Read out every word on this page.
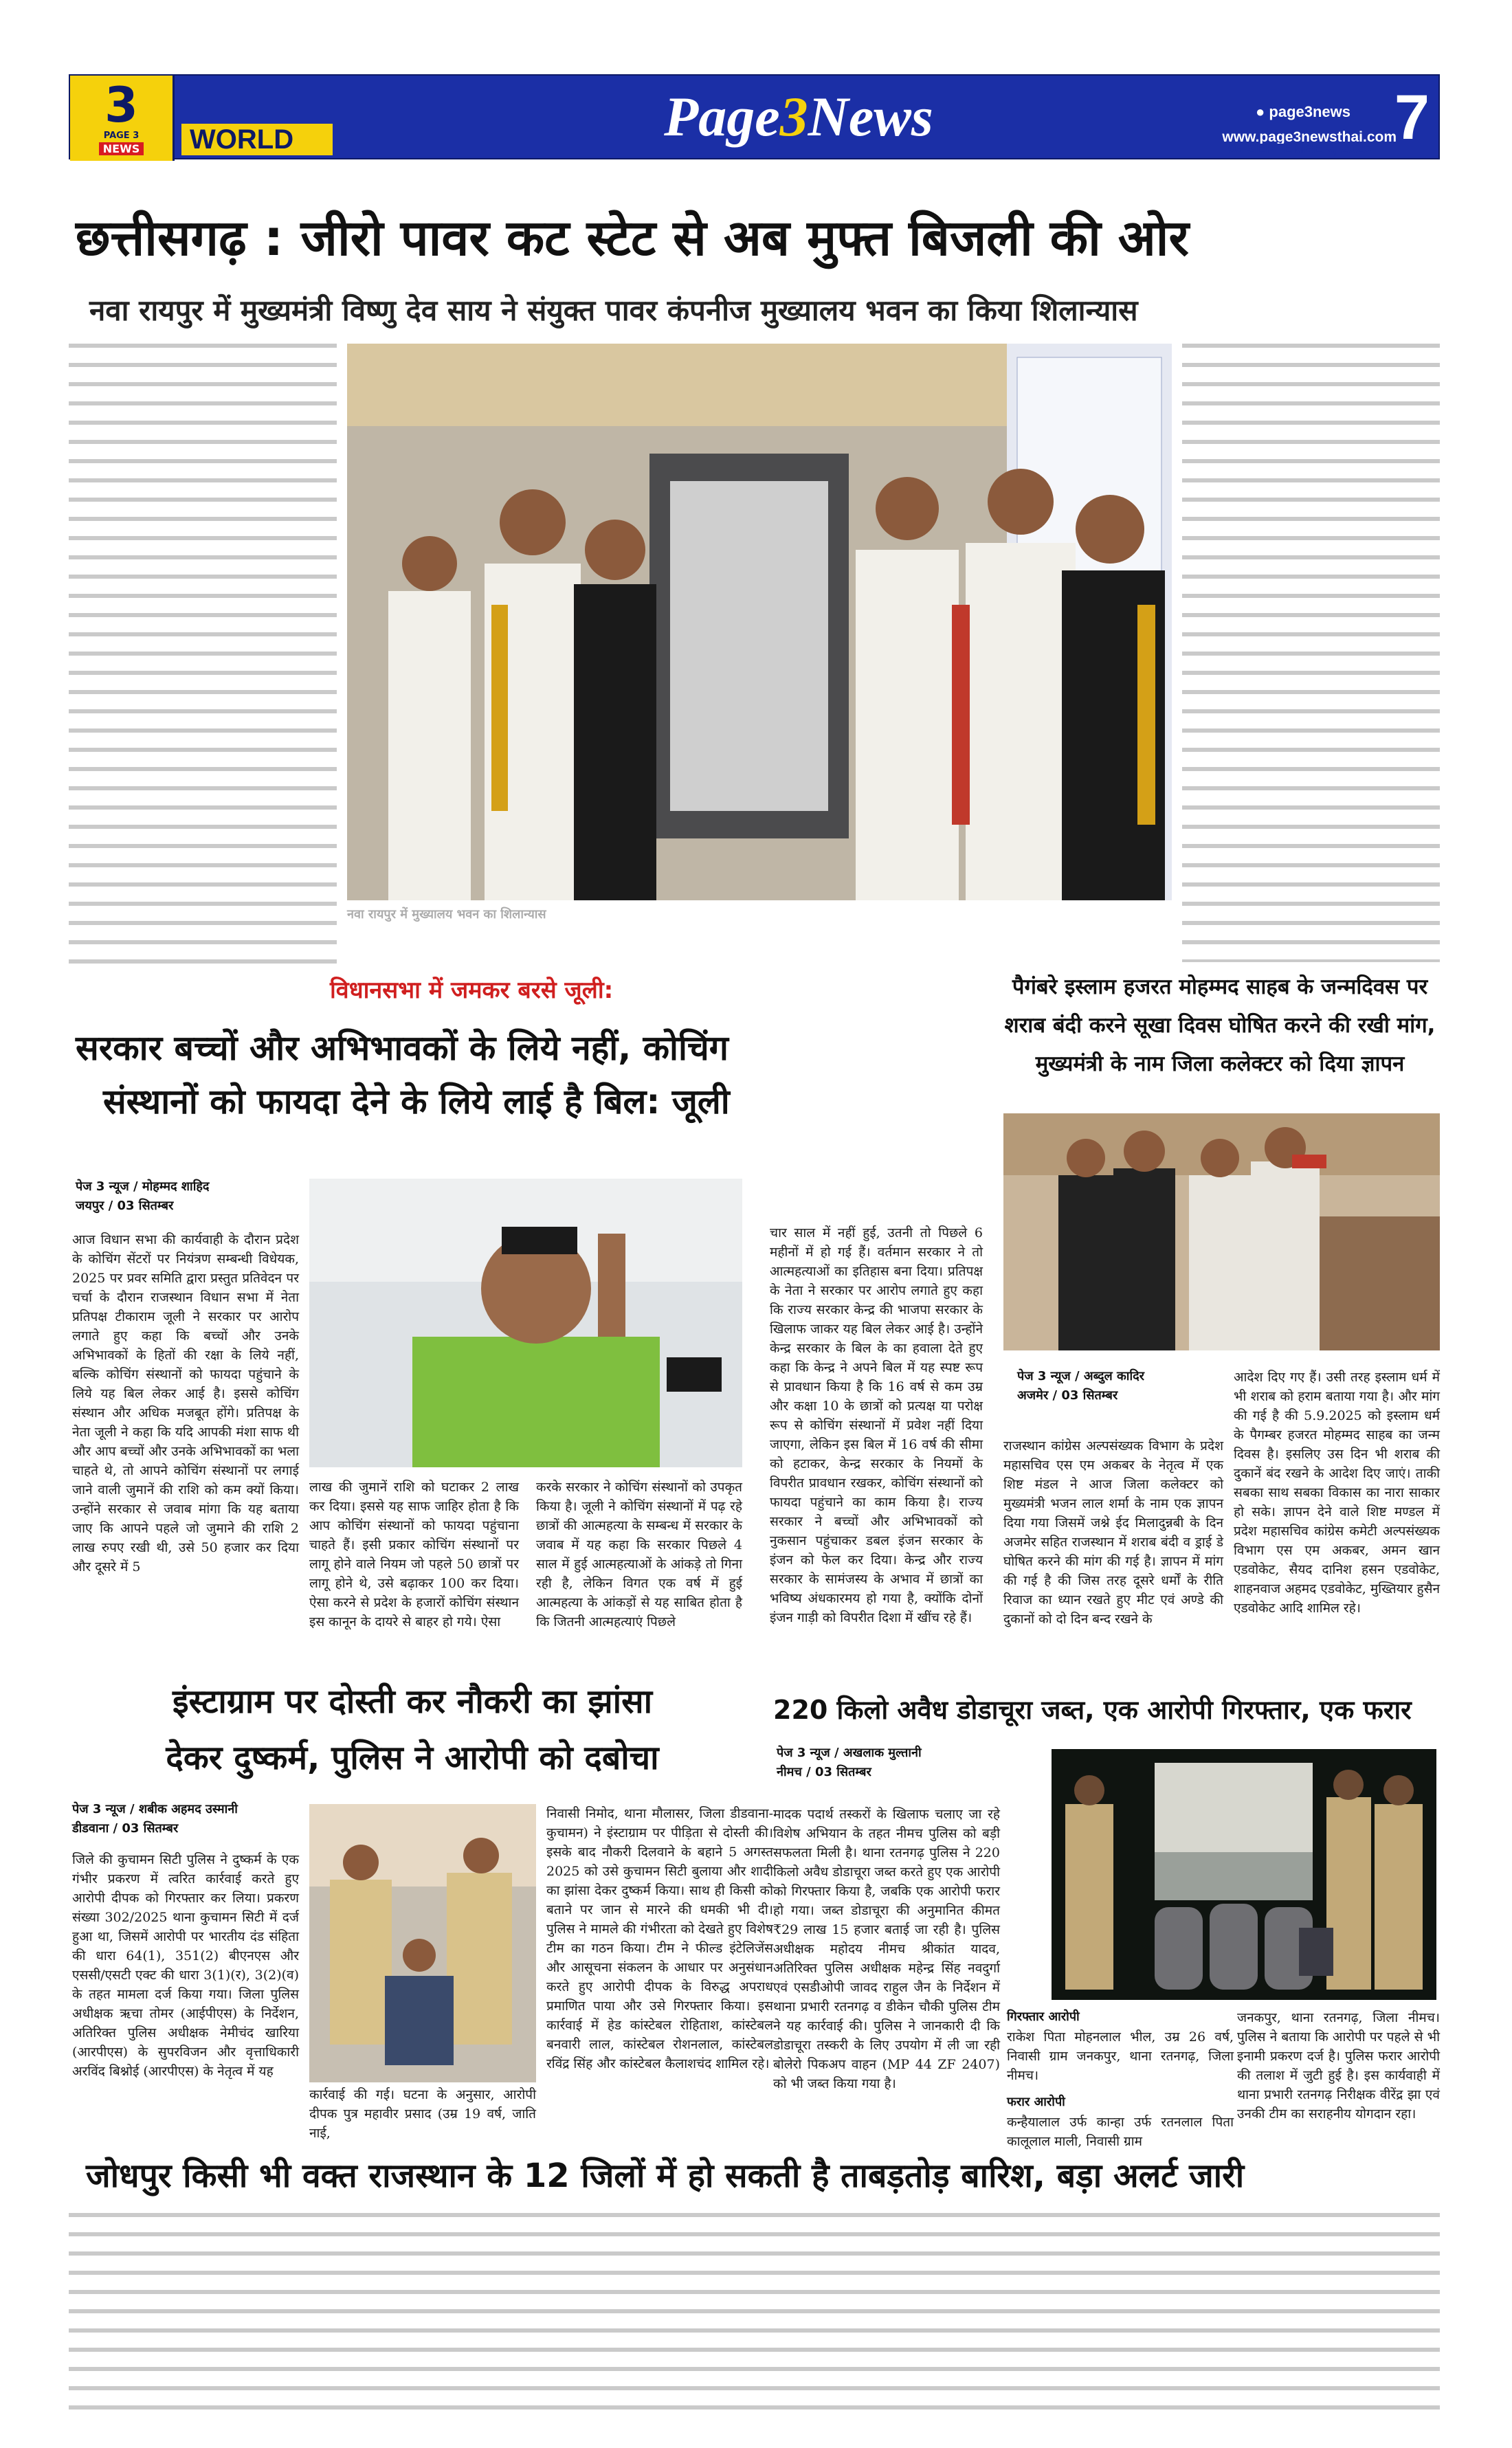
3
PAGE 3
NEWS	WORLD	Page3News	● page3news
www.page3newsthai.com
7
03 SEPTEMBER, 2025
छत्तीसगढ़ : जीरो पावर कट स्टेट से अब मुफ्त बिजली की ओर
नवा रायपुर में मुख्यमंत्री विष्णु देव साय ने संयुक्त पावर कंपनीज मुख्यालय भवन का किया शिलान्यास
नवा रायपुर में मुख्यालय भवन का शिलान्यास
विधानसभा में जमकर बरसे जूली:
सरकार बच्चों और अभिभावकों के लिये नहीं, कोचिंग
संस्थानों को फायदा देने के लिये लाई है बिल: जूली
पेज 3 न्यूज / मोहम्मद शाहिद
जयपुर / 03 सितम्बर
आज विधान सभा की कार्यवाही के दौरान प्रदेश के कोचिंग सेंटरों पर नियंत्रण सम्बन्धी विधेयक, 2025 पर प्रवर समिति द्वारा प्रस्तुत प्रतिवेदन पर चर्चा के दौरान राजस्थान विधान सभा में नेता प्रतिपक्ष टीकाराम जूली ने सरकार पर आरोप लगाते हुए कहा कि बच्चों और उनके अभिभावकों के हितों की रक्षा के लिये नहीं, बल्कि कोचिंग संस्थानों को फायदा पहुंचाने के लिये यह बिल लेकर आई है। इससे कोचिंग संस्थान और अधिक मजबूत होंगे। प्रतिपक्ष के नेता जूली ने कहा कि यदि आपकी मंशा साफ थी और आप बच्चों और उनके अभिभावकों का भला चाहते थे, तो आपने कोचिंग संस्थानों पर लगाई जाने वाली जुमानें की राशि को कम क्यों किया। उन्होंने सरकार से जवाब मांगा कि यह बताया जाए कि आपने पहले जो जुमाने की राशि 2 लाख रुपए रखी थी, उसे 50 हजार कर दिया और दूसरे में 5
लाख की जुमानें राशि को घटाकर 2 लाख कर दिया। इससे यह साफ जाहिर होता है कि आप कोचिंग संस्थानों को फायदा पहुंचाना चाहते हैं। इसी प्रकार कोचिंग संस्थानों पर लागू होने वाले नियम जो पहले 50 छात्रों पर लागू होने थे, उसे बढ़ाकर 100 कर दिया। ऐसा करने से प्रदेश के हजारों कोचिंग संस्थान इस कानून के दायरे से बाहर हो गये। ऐसा
करके सरकार ने कोचिंग संस्थानों को उपकृत किया है। जूली ने कोचिंग संस्थानों में पढ़ रहे छात्रों की आत्महत्या के सम्बन्ध में सरकार के जवाब में यह कहा कि सरकार पिछले 4 साल में हुई आत्महत्याओं के आंकड़े तो गिना रही है, लेकिन विगत एक वर्ष में हुई आत्महत्या के आंकड़ों से यह साबित होता है कि जितनी आत्महत्याएं पिछले
चार साल में नहीं हुई, उतनी तो पिछले 6 महीनों में हो गई हैं। वर्तमान सरकार ने तो आत्महत्याओं का इतिहास बना दिया। प्रतिपक्ष के नेता ने सरकार पर आरोप लगाते हुए कहा कि राज्य सरकार केन्द्र की भाजपा सरकार के खिलाफ जाकर यह बिल लेकर आई है। उन्होंने केन्द्र सरकार के बिल के का हवाला देते हुए कहा कि केन्द्र ने अपने बिल में यह स्पष्ट रूप से प्रावधान किया है कि 16 वर्ष से कम उम्र और कक्षा 10 के छात्रों को प्रत्यक्ष या परोक्ष रूप से कोचिंग संस्थानों में प्रवेश नहीं दिया जाएगा, लेकिन इस बिल में 16 वर्ष की सीमा को हटाकर, केन्द्र सरकार के नियमों के विपरीत प्रावधान रखकर, कोचिंग संस्थानों को फायदा पहुंचाने का काम किया है। राज्य सरकार ने बच्चों और अभिभावकों को नुकसान पहुंचाकर डबल इंजन सरकार के इंजन को फेल कर दिया। केन्द्र और राज्य सरकार के सामंजस्य के अभाव में छात्रों का भविष्य अंधकारमय हो गया है, क्योंकि दोनों इंजन गाड़ी को विपरीत दिशा में खींच रहे हैं।
पैगंबरे इस्लाम हजरत मोहम्मद साहब के जन्मदिवस पर
शराब बंदी करने सूखा दिवस घोषित करने की रखी मांग,
मुख्यमंत्री के नाम जिला कलेक्टर को दिया ज्ञापन
पेज 3 न्यूज / अब्दुल कादिर
अजमेर / 03 सितम्बर
राजस्थान कांग्रेस अल्पसंख्यक विभाग के प्रदेश महासचिव एस एम अकबर के नेतृत्व में एक शिष्ट मंडल ने आज जिला कलेक्टर को मुख्यमंत्री भजन लाल शर्मा के नाम एक ज्ञापन दिया गया जिसमें जश्ने ईद मिलादुन्नबी के दिन अजमेर सहित राजस्थान में शराब बंदी व ड्राई डे घोषित करने की मांग की गई है। ज्ञापन में मांग की गई है की जिस तरह दूसरे धर्मों के रीति रिवाज का ध्यान रखते हुए मीट एवं अण्डे की दुकानों को दो दिन बन्द रखने के
आदेश दिए गए हैं। उसी तरह इस्लाम धर्म में भी शराब को हराम बताया गया है। और मांग की गई है की 5.9.2025 को इस्लाम धर्म के पैगम्बर हजरत मोहम्मद साहब का जन्म दिवस है। इसलिए उस दिन भी शराब की दुकानें बंद रखने के आदेश दिए जाएं। ताकी सबका साथ सबका विकास का नारा साकार हो सके। ज्ञापन देने वाले शिष्ट मण्डल में प्रदेश महासचिव कांग्रेस कमेटी अल्पसंख्यक विभाग एस एम अकबर, अमन खान एडवोकेट, सैयद दानिश हसन एडवोकेट, शाहनवाज अहमद एडवोकेट, मुख्तियार हुसैन एडवोकेट आदि शामिल रहे।
इंस्टाग्राम पर दोस्ती कर नौकरी का झांसा
देकर दुष्कर्म, पुलिस ने आरोपी को दबोचा
पेज 3 न्यूज / शबीक अहमद उस्मानी
डीडवाना / 03 सितम्बर
जिले की कुचामन सिटी पुलिस ने दुष्कर्म के एक गंभीर प्रकरण में त्वरित कार्रवाई करते हुए आरोपी दीपक को गिरफ्तार कर लिया। प्रकरण संख्या 302/2025 थाना कुचामन सिटी में दर्ज हुआ था, जिसमें आरोपी पर भारतीय दंड संहिता की धारा 64(1), 351(2) बीएनएस और एससी/एसटी एक्ट की धारा 3(1)(र), 3(2)(व) के तहत मामला दर्ज किया गया। जिला पुलिस अधीक्षक ऋचा तोमर (आईपीएस) के निर्देशन, अतिरिक्त पुलिस अधीक्षक नेमीचंद खारिया (आरपीएस) के सुपरविजन और वृत्ताधिकारी अरविंद बिश्नोई (आरपीएस) के नेतृत्व में यह
कार्रवाई की गई। घटना के अनुसार, आरोपी दीपक पुत्र महावीर प्रसाद (उम्र 19 वर्ष, जाति नाई,
निवासी निमोद, थाना मौलासर, जिला डीडवाना-कुचामन) ने इंस्टाग्राम पर पीड़िता से दोस्ती की। इसके बाद नौकरी दिलवाने के बहाने 5 अगस्त 2025 को उसे कुचामन सिटी बुलाया और शादी का झांसा देकर दुष्कर्म किया। साथ ही किसी को बताने पर जान से मारने की धमकी भी दी। पुलिस ने मामले की गंभीरता को देखते हुए विशेष टीम का गठन किया। टीम ने फील्ड इंटेलिजेंस और आसूचना संकलन के आधार पर अनुसंधान करते हुए आरोपी दीपक के विरुद्ध अपराध प्रमाणित पाया और उसे गिरफ्तार किया। इस कार्रवाई में हेड कांस्टेबल रोहिताश, कांस्टेबल बनवारी लाल, कांस्टेबल रोशनलाल, कांस्टेबल रविंद्र सिंह और कांस्टेबल कैलाशचंद शामिल रहे।
220 किलो अवैध डोडाचूरा जब्त, एक आरोपी गिरफ्तार, एक फरार
पेज 3 न्यूज / अखलाक मुल्तानी
नीमच / 03 सितम्बर
मादक पदार्थ तस्करों के खिलाफ चलाए जा रहे विशेष अभियान के तहत नीमच पुलिस को बड़ी सफलता मिली है। थाना रतनगढ़ पुलिस ने 220 किलो अवैध डोडाचूरा जब्त करते हुए एक आरोपी को गिरफ्तार किया है, जबकि एक आरोपी फरार हो गया। जब्त डोडाचूरा की अनुमानित कीमत ₹29 लाख 15 हजार बताई जा रही है। पुलिस अधीक्षक महोदय नीमच श्रीकांत यादव, अतिरिक्त पुलिस अधीक्षक महेन्द्र सिंह नवदुर्गा एवं एसडीओपी जावद राहुल जैन के निर्देशन में थाना प्रभारी रतनगढ़ व डीकेन चौकी पुलिस टीम ने यह कार्रवाई की। पुलिस ने जानकारी दी कि डोडाचूरा तस्करी के लिए उपयोग में ली जा रही बोलेरो पिकअप वाहन (MP 44 ZF 2407) को भी जब्त किया गया है।
गिरफ्तार आरोपी
राकेश पिता मोहनलाल भील, उम्र 26 वर्ष, निवासी ग्राम जनकपुर, थाना रतनगढ़, जिला नीमच।
फरार आरोपी
कन्हैयालाल उर्फ कान्हा उर्फ रतनलाल पिता कालूलाल माली, निवासी ग्राम
जनकपुर, थाना रतनगढ़, जिला नीमच। पुलिस ने बताया कि आरोपी पर पहले से भी इनामी प्रकरण दर्ज है। पुलिस फरार आरोपी की तलाश में जुटी हुई है। इस कार्यवाही में थाना प्रभारी रतनगढ़ निरीक्षक वीरेंद्र झा एवं उनकी टीम का सराहनीय योगदान रहा।
जोधपुर किसी भी वक्त राजस्थान के 12 जिलों में हो सकती है ताबड़तोड़ बारिश, बड़ा अलर्ट जारी
